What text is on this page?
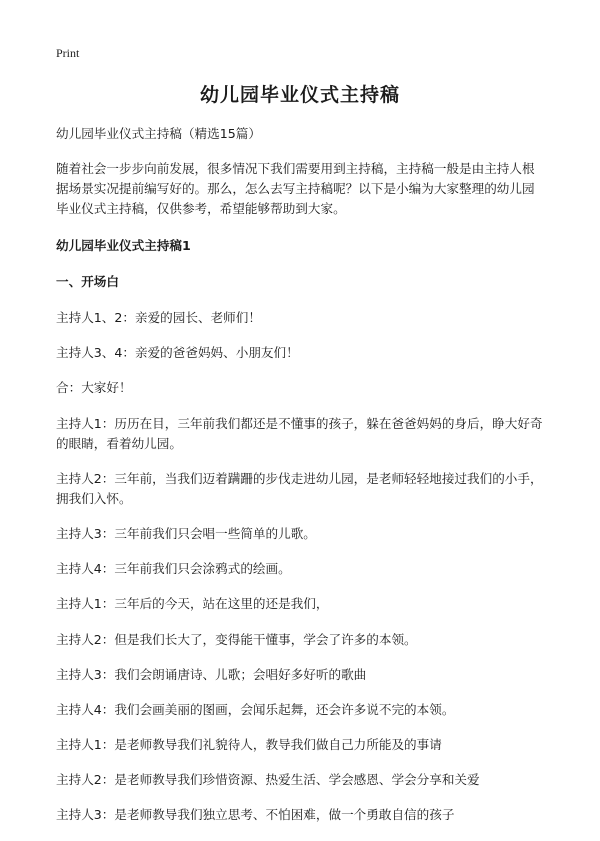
Print
幼儿园毕业仪式主持稿

幼儿园毕业仪式主持稿（精选15篇）

随着社会一步步向前发展，很多情况下我们需要用到主持稿，主持稿一般是由主持人根据场景实况提前编写好的。那么，怎么去写主持稿呢？以下是小编为大家整理的幼儿园毕业仪式主持稿，仅供参考，希望能够帮助到大家。

幼儿园毕业仪式主持稿1

一、开场白

主持人1、2：亲爱的园长、老师们！

主持人3、4：亲爱的爸爸妈妈、小朋友们！

合：大家好！

主持人1：历历在目，三年前我们都还是不懂事的孩子，躲在爸爸妈妈的身后，睁大好奇的眼睛，看着幼儿园。

主持人2：三年前，当我们迈着蹒跚的步伐走进幼儿园，是老师轻轻地接过我们的小手，拥我们入怀。

主持人3：三年前我们只会唱一些简单的儿歌。

主持人4：三年前我们只会涂鸦式的绘画。

主持人1：三年后的今天，站在这里的还是我们，

主持人2：但是我们长大了，变得能干懂事，学会了许多的本领。

主持人3：我们会朗诵唐诗、儿歌；会唱好多好听的歌曲

主持人4：我们会画美丽的图画，会闻乐起舞，还会许多说不完的本领。

主持人1：是老师教导我们礼貌待人，教导我们做自己力所能及的事请

主持人2：是老师教导我们珍惜资源、热爱生活、学会感恩、学会分享和关爱

主持人3：是老师教导我们独立思考、不怕困难，做一个勇敢自信的孩子
